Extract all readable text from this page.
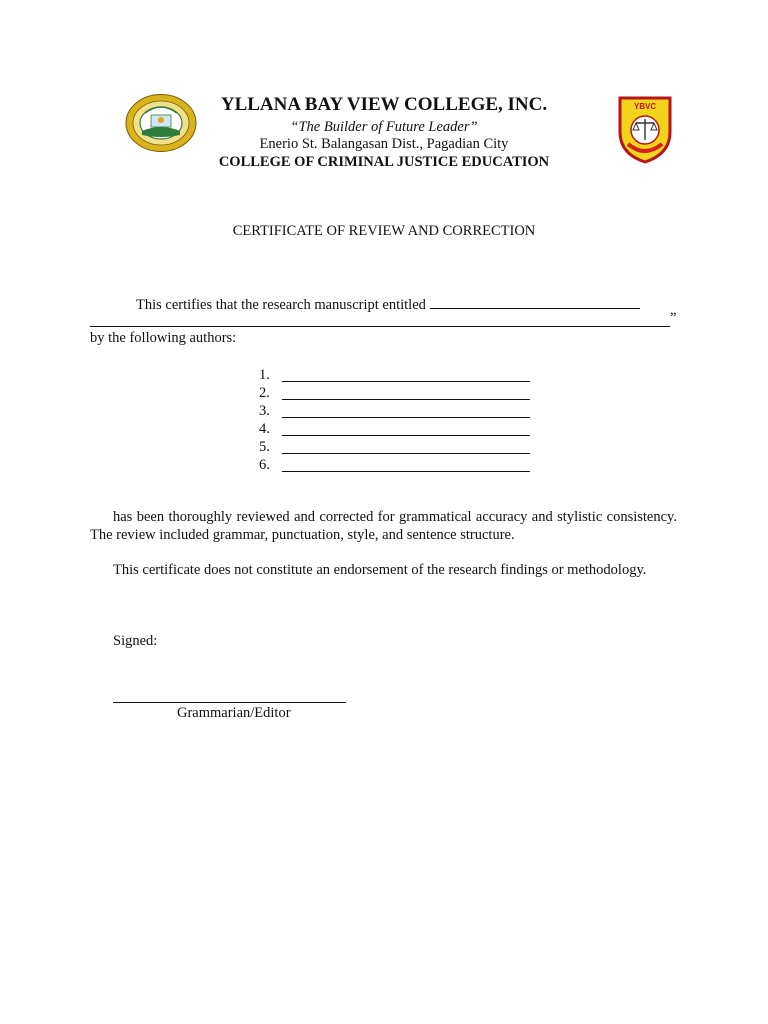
YLLANA BAY VIEW COLLEGE, INC.

“The Builder of Future Leader”

Enerio St. Balangasan Dist., Pagadian City

COLLEGE OF CRIMINAL JUSTICE EDUCATION

YBVC
CERTIFICATE OF REVIEW AND CORRECTION
This certifies that the research manuscript entitled
”
by the following authors:
1.
2.
3.
4.
5.
6.
has been thoroughly reviewed and corrected for grammatical accuracy and stylistic consistency. The review included grammar, punctuation, style, and sentence structure.
This certificate does not constitute an endorsement of the research findings or methodology.
Signed:
Grammarian/Editor
